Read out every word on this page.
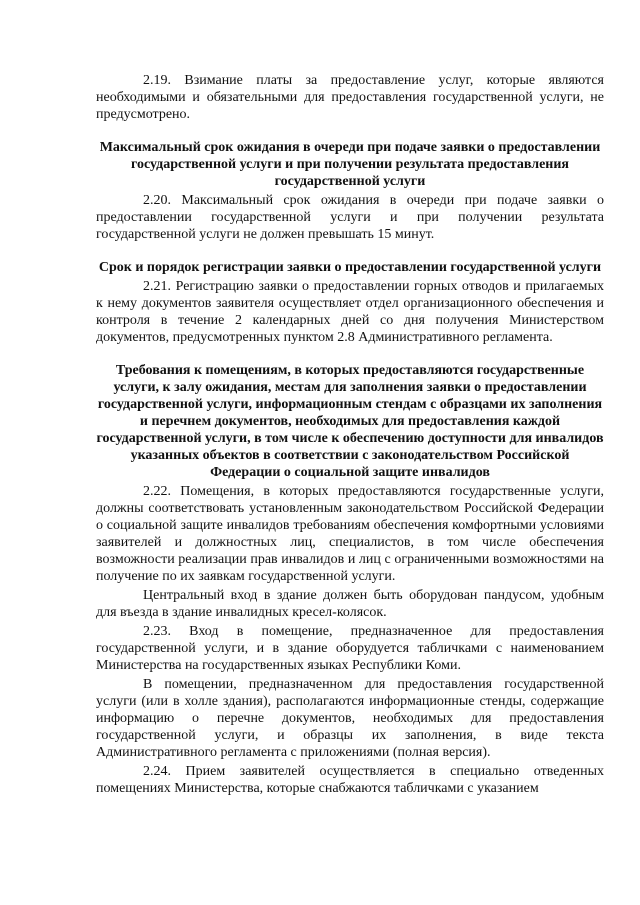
2.19. Взимание платы за предоставление услуг, которые являются необходимыми и обязательными для предоставления государственной услуги, не предусмотрено.

Максимальный срок ожидания в очереди при подаче заявки о предоставлении государственной услуги и при получении результата предоставления государственной услуги

2.20. Максимальный срок ожидания в очереди при подаче заявки о предоставлении государственной услуги и при получении результата государственной услуги не должен превышать 15 минут.

Срок и порядок регистрации заявки о предоставлении государственной услуги

2.21. Регистрацию заявки о предоставлении горных отводов и прилагаемых к нему документов заявителя осуществляет отдел организационного обеспечения и контроля в течение 2 календарных дней со дня получения Министерством документов, предусмотренных пунктом 2.8 Административного регламента.

Требования к помещениям, в которых предоставляются государственные услуги, к залу ожидания, местам для заполнения заявки о предоставлении государственной услуги, информационным стендам с образцами их заполнения и перечнем документов, необходимых для предоставления каждой государственной услуги, в том числе к обеспечению доступности для инвалидов указанных объектов в соответствии с законодательством Российской Федерации о социальной защите инвалидов

2.22. Помещения, в которых предоставляются государственные услуги, должны соответствовать установленным законодательством Российской Федерации о социальной защите инвалидов требованиям обеспечения комфортными условиями заявителей и должностных лиц, специалистов, в том числе обеспечения возможности реализации прав инвалидов и лиц с ограниченными возможностями на получение по их заявкам государственной услуги.

Центральный вход в здание должен быть оборудован пандусом, удобным для въезда в здание инвалидных кресел-колясок.

2.23. Вход в помещение, предназначенное для предоставления государственной услуги, и в здание оборудуется табличками с наименованием Министерства на государственных языках Республики Коми.

В помещении, предназначенном для предоставления государственной услуги (или в холле здания), располагаются информационные стенды, содержащие информацию о перечне документов, необходимых для предоставления государственной услуги, и образцы их заполнения, в виде текста Административного регламента с приложениями (полная версия).

2.24. Прием заявителей осуществляется в специально отведенных помещениях Министерства, которые снабжаются табличками с указанием
